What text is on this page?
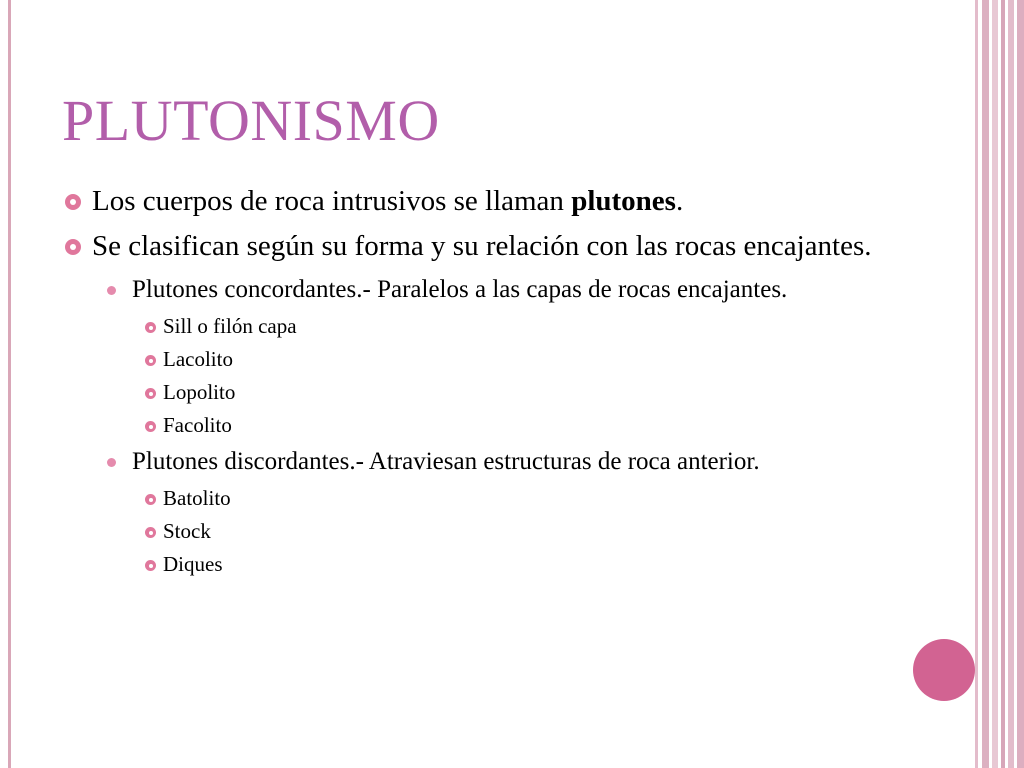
PLUTONISMO
Los cuerpos de roca intrusivos se llaman plutones.
Se clasifican según su forma y su relación con las rocas encajantes.
Plutones concordantes.- Paralelos a las capas de rocas encajantes.
Sill o filón capa
Lacolito
Lopolito
Facolito
Plutones discordantes.- Atraviesan estructuras de roca anterior.
Batolito
Stock
Diques
